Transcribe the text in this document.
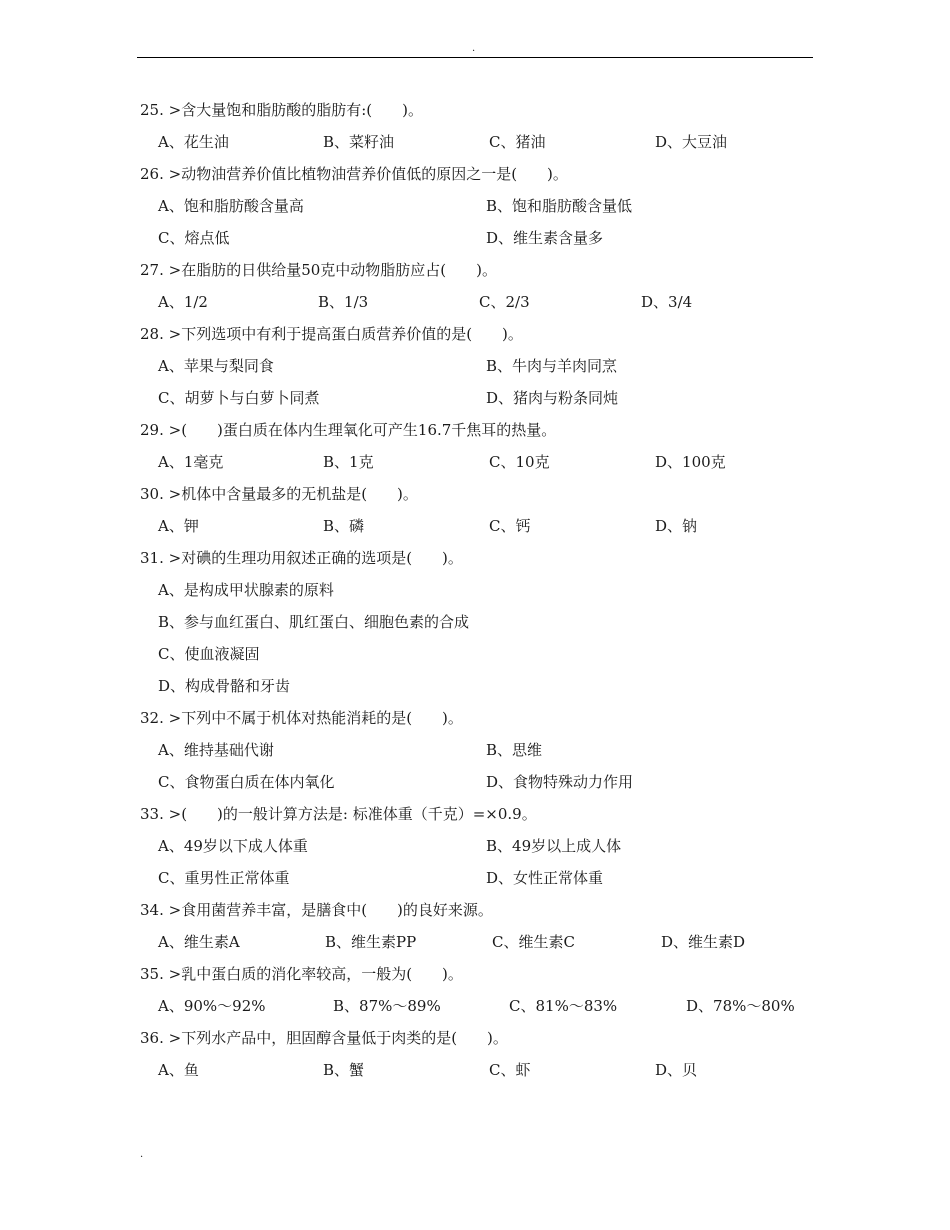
.
25. >含大量饱和脂肪酸的脂肪有:(　　)。
A、花生油	B、菜籽油	C、猪油	D、大豆油
26. >动物油营养价值比植物油营养价值低的原因之一是(　　)。
A、饱和脂肪酸含量高	B、饱和脂肪酸含量低
C、熔点低	D、维生素含量多
27. >在脂肪的日供给量50克中动物脂肪应占(　　)。
A、1/2	B、1/3	C、2/3	D、3/4
28. >下列选项中有利于提高蛋白质营养价值的是(　　)。
A、苹果与梨同食	B、牛肉与羊肉同烹
C、胡萝卜与白萝卜同煮	D、猪肉与粉条同炖
29. >(　　)蛋白质在体内生理氧化可产生16.7千焦耳的热量。
A、1毫克	B、1克	C、10克	D、100克
30. >机体中含量最多的无机盐是(　　)。
A、钾	B、磷	C、钙	D、钠
31. >对碘的生理功用叙述正确的选项是(　　)。
A、是构成甲状腺素的原料
B、参与血红蛋白、肌红蛋白、细胞色素的合成
C、使血液凝固
D、构成骨骼和牙齿
32. >下列中不属于机体对热能消耗的是(　　)。
A、维持基础代谢	B、思维
C、食物蛋白质在体内氧化	D、食物特殊动力作用
33. >(　　)的一般计算方法是: 标准体重（千克）=×0.9。
A、49岁以下成人体重	B、49岁以上成人体
C、重男性正常体重	D、女性正常体重
34. >食用菌营养丰富，是膳食中(　　)的良好来源。
A、维生素A	B、维生素PP	C、维生素C	D、维生素D
35. >乳中蛋白质的消化率较高，一般为(　　)。
A、90%～92%	B、87%～89%	C、81%～83%	D、78%～80%
36. >下列水产品中，胆固醇含量低于肉类的是(　　)。
A、鱼	B、蟹	C、虾	D、贝
.
